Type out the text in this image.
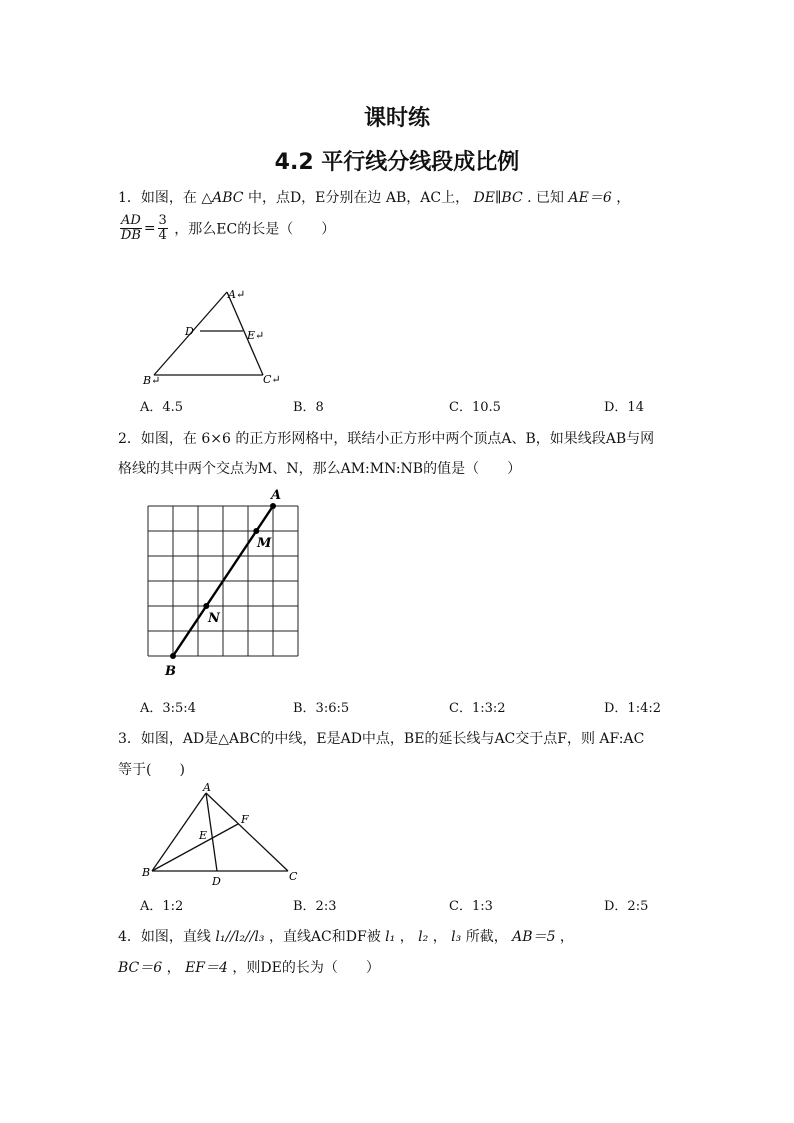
课时练
4.2 平行线分线段成比例
1．如图，在 △ABC 中，点D，E分别在边 AB，AC上， DE∥BC . 已知 AE＝6 ，
$\frac{AD}{DB} = \frac{3}{4}$ ，那么EC的长是（　　）
A↵
D	E↵
B↵	C↵
A．4.5	B．8	C．10.5	D．14
2．如图，在 6×6 的正方形网格中，联结小正方形中两个顶点A、B，如果线段AB与网
格线的其中两个交点为M、N，那么AM:MN:NB的值是（　　）
A
M
N
B
A．3:5:4	B．3:6:5	C．1:3:2	D．1:4:2
3．如图，AD是△ABC的中线，E是AD中点，BE的延长线与AC交于点F，则 AF:AC
等于(　　)
A
F
E
B
D	C
A．1:2	B．2:3	C．1:3	D．2:5
4．如图，直线 l₁//l₂//l₃ ，直线AC和DF被 l₁ ， l₂ ， l₃ 所截， AB＝5 ，
BC＝6 ， EF＝4 ，则DE的长为（　　）
